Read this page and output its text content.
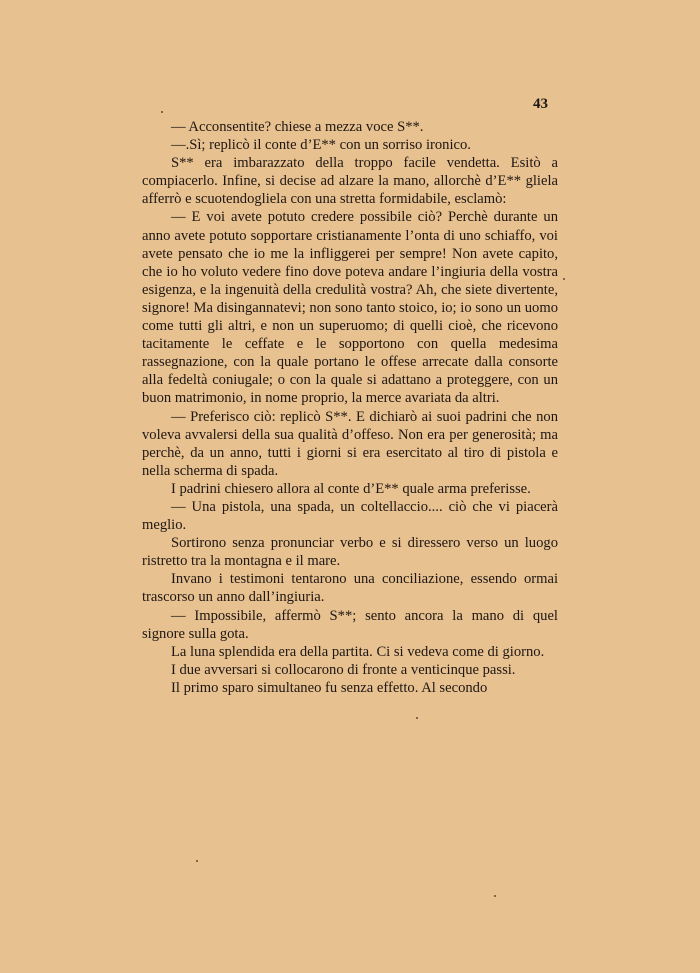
43

— Acconsentite? chiese a mezza voce S**.

—.Sì; replicò il conte d’E** con un sorriso ironico.

S** era imbarazzato della troppo facile vendetta. Esitò a compiacerlo. Infine, si decise ad alzare la mano, allorchè d’E** gliela afferrò e scuotendogliela con una stretta formidabile, esclamò:

— E voi avete potuto credere possibile ciò? Perchè durante un anno avete potuto sopportare cristianamente l’onta di uno schiaffo, voi avete pensato che io me la infliggerei per sempre! Non avete capito, che io ho voluto vedere fino dove poteva andare l’ingiuria della vostra esigenza, e la ingenuità della credulità vostra? Ah, che siete divertente, signore! Ma disingannatevi; non sono tanto stoico, io; io sono un uomo come tutti gli altri, e non un superuomo; di quelli cioè, che ricevono tacitamente le ceffate e le sopportono con quella medesima rassegnazione, con la quale portano le offese arrecate dalla consorte alla fedeltà coniugale; o con la quale si adattano a proteggere, con un buon matrimonio, in nome proprio, la merce avariata da altri.

— Preferisco ciò: replicò S**. E dichiarò ai suoi padrini che non voleva avvalersi della sua qualità d’offeso. Non era per generosità; ma perchè, da un anno, tutti i giorni si era esercitato al tiro di pistola e nella scherma di spada.

I padrini chiesero allora al conte d’E** quale arma preferisse.

— Una pistola, una spada, un coltellaccio.... ciò che vi piacerà meglio.

Sortirono senza pronunciar verbo e si diressero verso un luogo ristretto tra la montagna e il mare.

Invano i testimoni tentarono una conciliazione, essendo ormai trascorso un anno dall’ingiuria.

— Impossibile, affermò S**; sento ancora la mano di quel signore sulla gota.

La luna splendida era della partita. Ci si vedeva come di giorno.

I due avversari si collocarono di fronte a venticinque passi.

Il primo sparo simultaneo fu senza effetto. Al secondo
